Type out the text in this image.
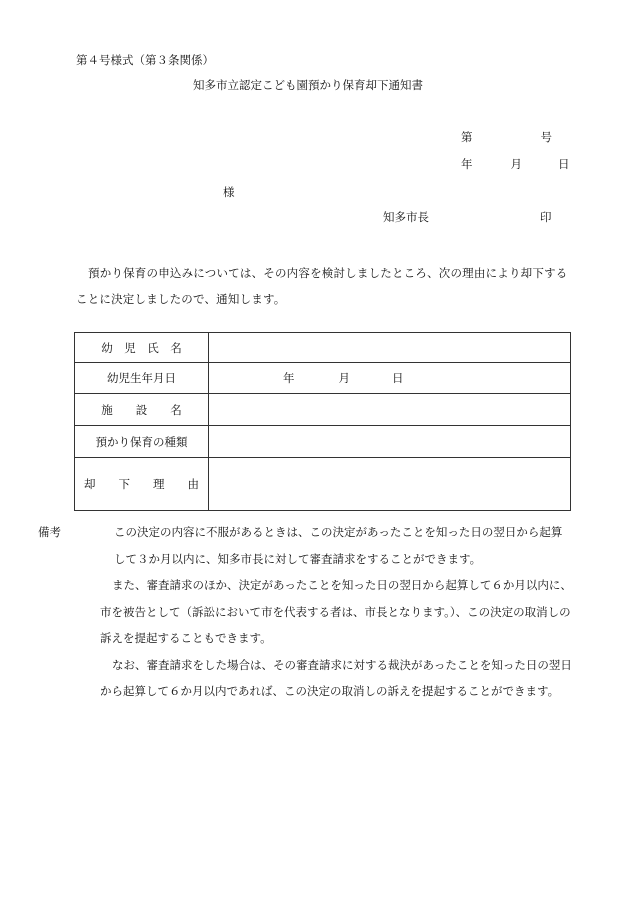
第４号様式（第３条関係）
知多市立認定こども園預かり保育却下通知書
第	号
年	月	日
様
知多市長	印
預かり保育の申込みについては、その内容を検討しましたところ、次の理由により却下することに決定しましたので、通知します。
幼　児　氏　名	
幼児生年月日	年 月 日
施　　設　　名	
預かり保育の種類	
却　　下　　理　　由	
備考	この決定の内容に不服があるときは、この決定があったことを知った日の翌日から起算して３か月以内に、知多市長に対して審査請求をすることができます。
また、審査請求のほか、決定があったことを知った日の翌日から起算して６か月以内に、市を被告として（訴訟において市を代表する者は、市長となります。）、この決定の取消しの訴えを提起することもできます。
なお、審査請求をした場合は、その審査請求に対する裁決があったことを知った日の翌日から起算して６か月以内であれば、この決定の取消しの訴えを提起することができます。
